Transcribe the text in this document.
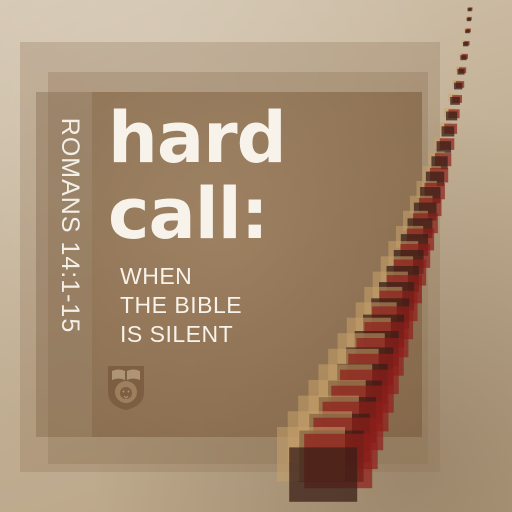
ROMANS 14:1-15 hard
call:
WHEN
THE BIBLE
IS SILENT
